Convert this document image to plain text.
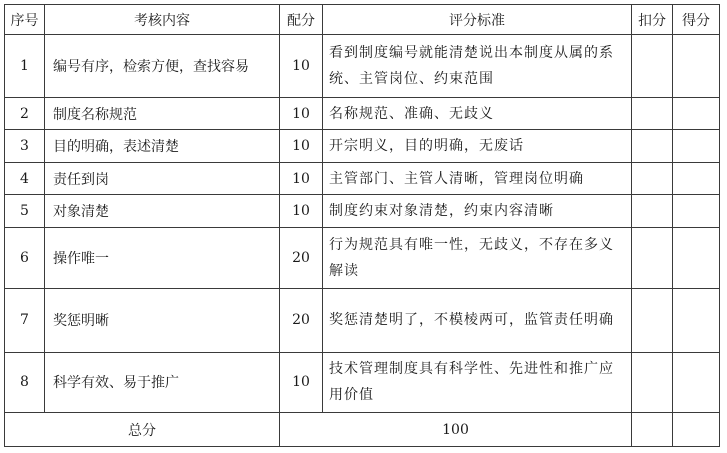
序号	考核内容	配分	评分标准	扣分	得分
1	编号有序，检索方便，查找容易	10	看到制度编号就能清楚说出本制度从属的系统、主管岗位、约束范围		
2	制度名称规范	10	名称规范、准确、无歧义		
3	目的明确，表述清楚	10	开宗明义，目的明确，无废话		
4	责任到岗	10	主管部门、主管人清晰，管理岗位明确		
5	对象清楚	10	制度约束对象清楚，约束内容清晰		
6	操作唯一	20	行为规范具有唯一性，无歧义，不存在多义解读		
7	奖惩明晰	20	奖惩清楚明了，不模棱两可，监管责任明确		
8	科学有效、易于推广	10	技术管理制度具有科学性、先进性和推广应用价值		
总分		100			
